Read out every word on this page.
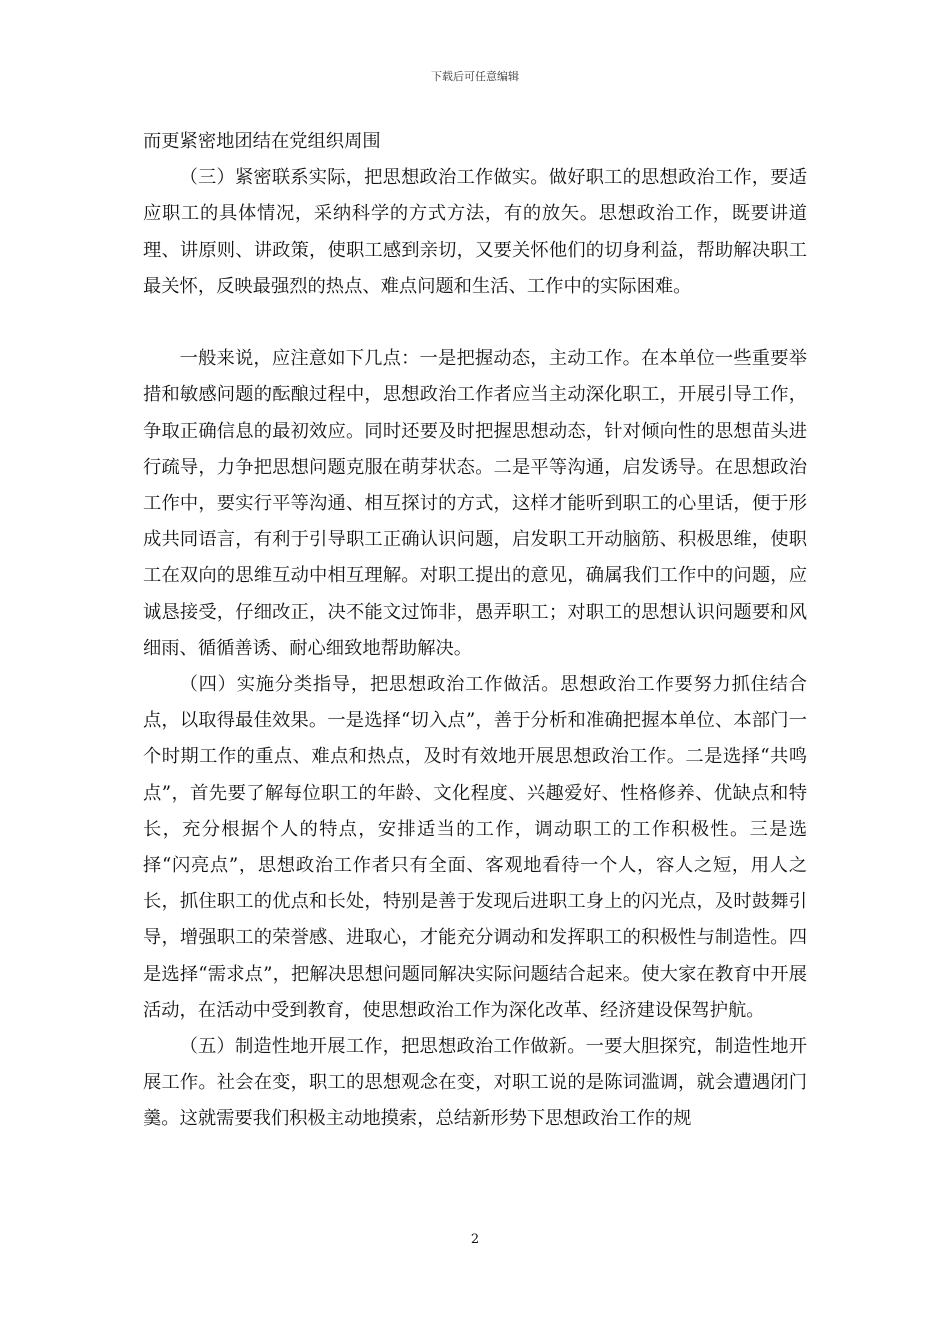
下载后可任意编辑

而更紧密地团结在党组织周围

（三）紧密联系实际，把思想政治工作做实。做好职工的思想政治工作，要适应职工的具体情况，采纳科学的方式方法，有的放矢。思想政治工作，既要讲道理、讲原则、讲政策，使职工感到亲切，又要关怀他们的切身利益，帮助解决职工最关怀，反映最强烈的热点、难点问题和生活、工作中的实际困难。

一般来说，应注意如下几点：一是把握动态，主动工作。在本单位一些重要举措和敏感问题的酝酿过程中，思想政治工作者应当主动深化职工，开展引导工作，争取正确信息的最初效应。同时还要及时把握思想动态，针对倾向性的思想苗头进行疏导，力争把思想问题克服在萌芽状态。二是平等沟通，启发诱导。在思想政治工作中，要实行平等沟通、相互探讨的方式，这样才能听到职工的心里话，便于形成共同语言，有利于引导职工正确认识问题，启发职工开动脑筋、积极思维，使职工在双向的思维互动中相互理解。对职工提出的意见，确属我们工作中的问题，应诚恳接受，仔细改正，决不能文过饰非，愚弄职工；对职工的思想认识问题要和风细雨、循循善诱、耐心细致地帮助解决。

（四）实施分类指导，把思想政治工作做活。思想政治工作要努力抓住结合点，以取得最佳效果。一是选择“切入点”，善于分析和准确把握本单位、本部门一个时期工作的重点、难点和热点，及时有效地开展思想政治工作。二是选择“共鸣点”，首先要了解每位职工的年龄、文化程度、兴趣爱好、性格修养、优缺点和特长，充分根据个人的特点，安排适当的工作，调动职工的工作积极性。三是选择“闪亮点”，思想政治工作者只有全面、客观地看待一个人，容人之短，用人之长，抓住职工的优点和长处，特别是善于发现后进职工身上的闪光点，及时鼓舞引导，增强职工的荣誉感、进取心，才能充分调动和发挥职工的积极性与制造性。四是选择“需求点”，把解决思想问题同解决实际问题结合起来。使大家在教育中开展活动，在活动中受到教育，使思想政治工作为深化改革、经济建设保驾护航。

（五）制造性地开展工作，把思想政治工作做新。一要大胆探究，制造性地开展工作。社会在变，职工的思想观念在变，对职工说的是陈词滥调，就会遭遇闭门羹。这就需要我们积极主动地摸索，总结新形势下思想政治工作的规

2
